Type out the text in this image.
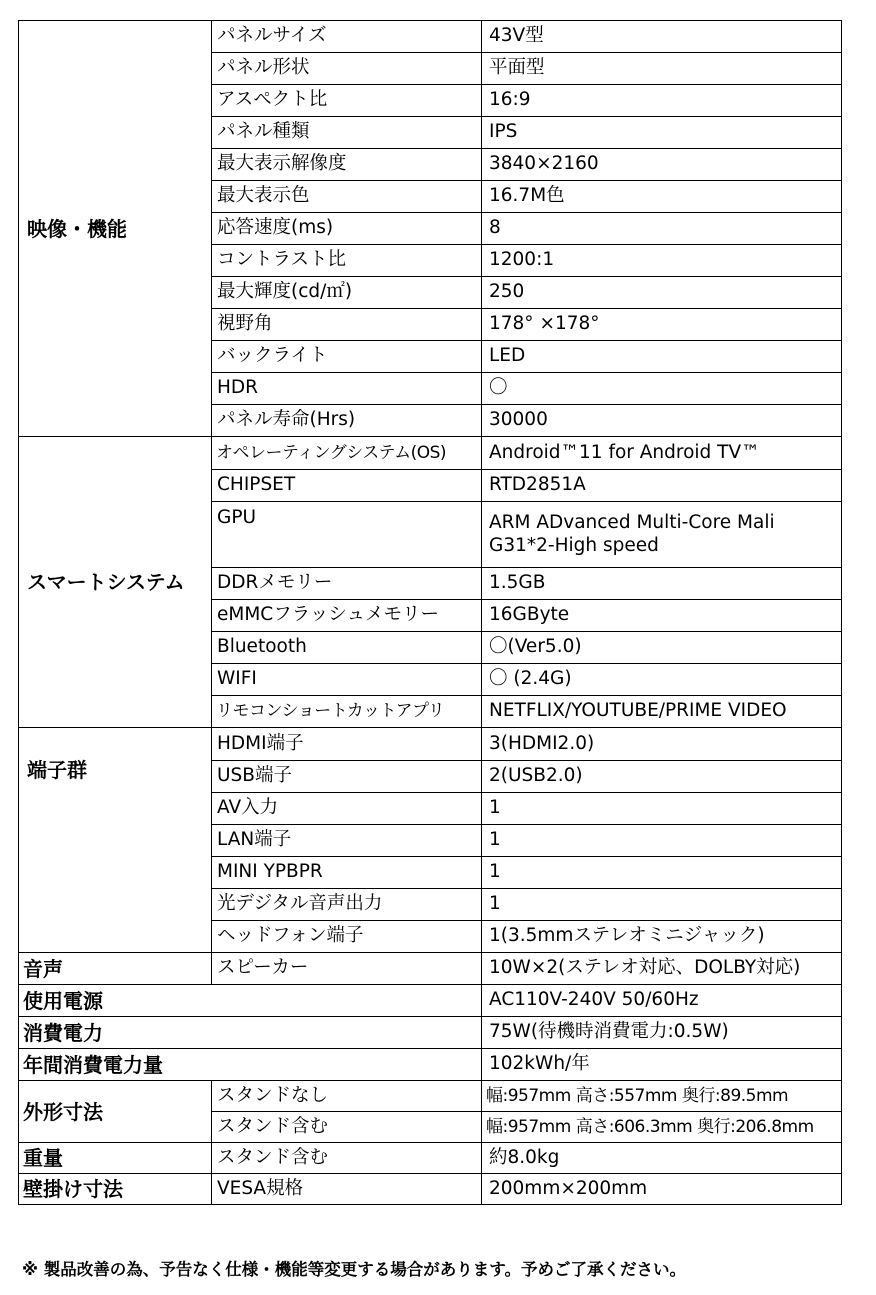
映像・機能	パネルサイズ	43V型
	パネル形状	平面型
	アスペクト比	16:9
	パネル種類	IPS
	最大表示解像度	3840×2160
	最大表示色	16.7M色
	応答速度(ms)	8
	コントラスト比	1200:1
	最大輝度(cd/㎡)	250
	視野角	178° ×178°
	バックライト	LED
	HDR	〇
	パネル寿命(Hrs)	30000
スマートシステム	オペレーティングシステム(OS)	Android™11 for Android TV™
	CHIPSET	RTD2851A
	GPU	ARM ADvanced Multi-Core Mali G31*2-High speed
	DDRメモリー	1.5GB
	eMMCフラッシュメモリー	16GByte
	Bluetooth	〇(Ver5.0)
	WIFI	〇 (2.4G)
	リモコンショートカットアプリ	NETFLIX/YOUTUBE/PRIME VIDEO
端子群	HDMI端子	3(HDMI2.0)
	USB端子	2(USB2.0)
	AV入力	1
	LAN端子	1
	MINI YPBPR	1
	光デジタル音声出力	1
	ヘッドフォン端子	1(3.5mmステレオミニジャック)
音声	スピーカー	10W×2(ステレオ対応、DOLBY対応)
使用電源		AC110V-240V 50/60Hz
消費電力		75W(待機時消費電力:0.5W)
年間消費電力量		102kWh/年
外形寸法	スタンドなし	幅:957mm 高さ:557mm 奥行:89.5mm
	スタンド含む	幅:957mm 高さ:606.3mm 奥行:206.8mm
重量	スタンド含む	約8.0kg
壁掛け寸法	VESA規格	200mm×200mm
※ 製品改善の為、予告なく仕様・機能等変更する場合があります。予めご了承ください。
